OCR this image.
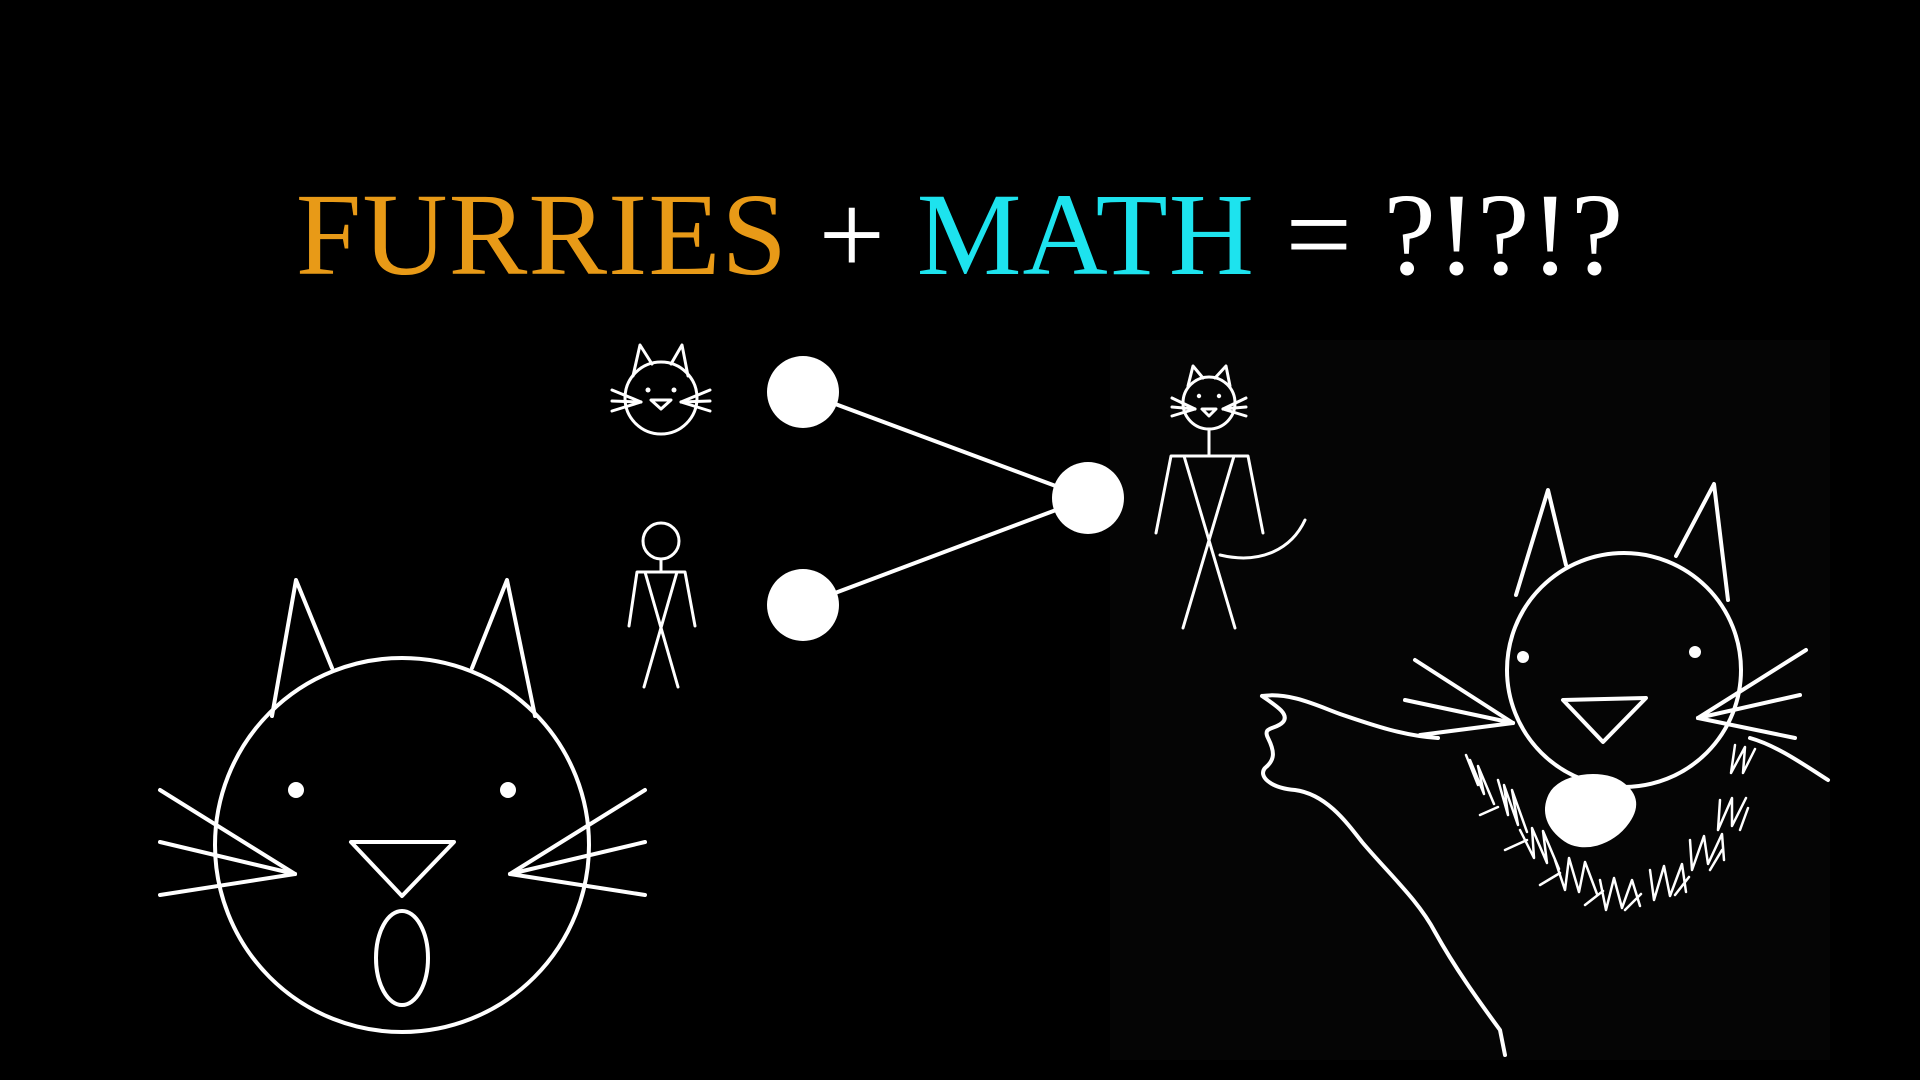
FURRIES + MATH = ?!?!?
